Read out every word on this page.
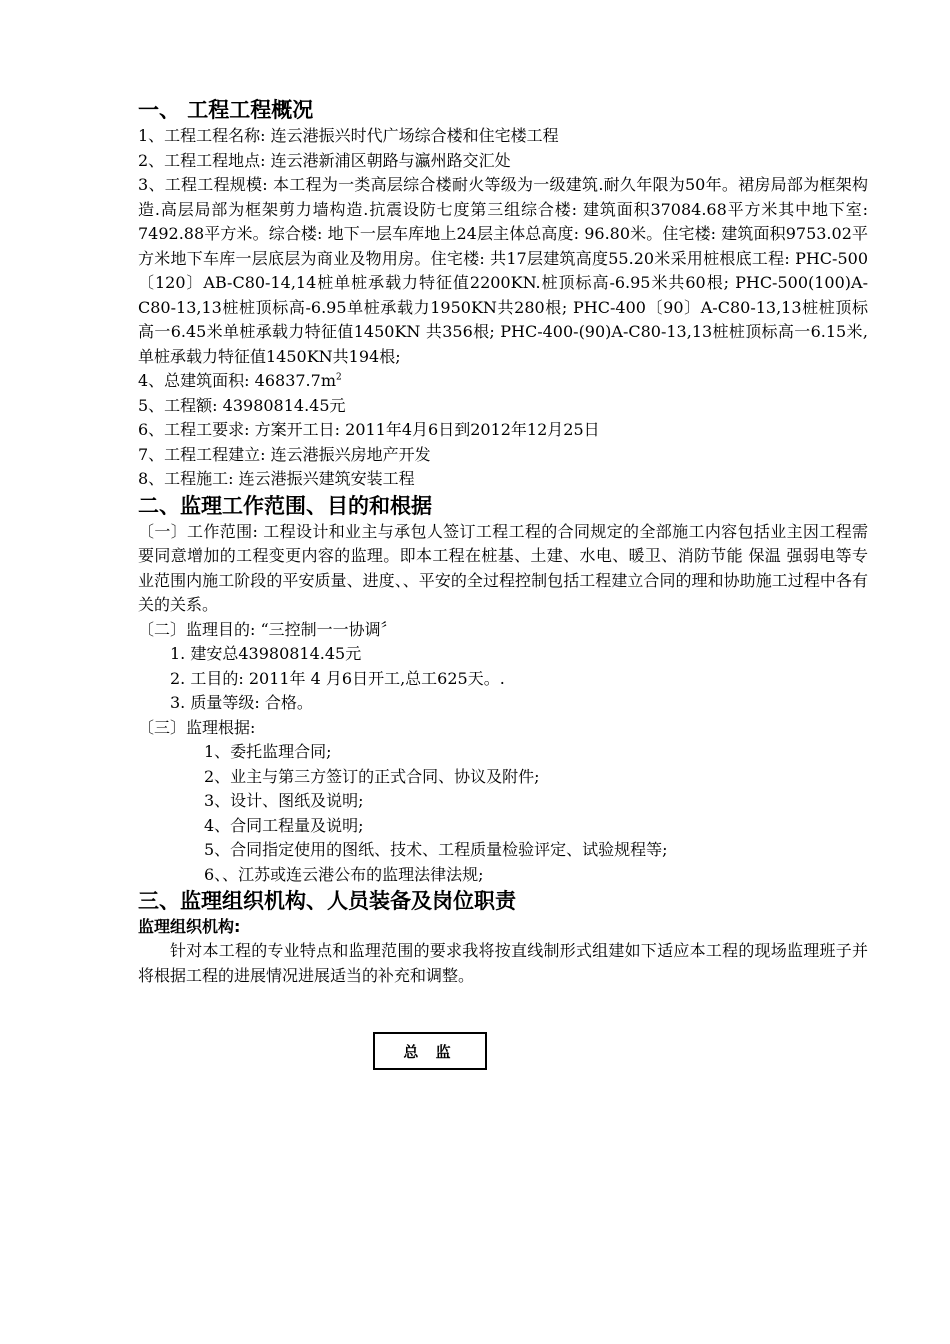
一、 工程工程概况

1、工程工程名称: 连云港振兴时代广场综合楼和住宅楼工程

2、工程工程地点: 连云港新浦区朝路与瀛州路交汇处

3、工程工程规模: 本工程为一类高层综合楼耐火等级为一级建筑.耐久年限为50年。裙房局部为框架构造.高层局部为框架剪力墙构造.抗震设防七度第三组综合楼: 建筑面积37084.68平方米其中地下室: 7492.88平方米。综合楼: 地下一层车库地上24层主体总高度: 96.80米。住宅楼: 建筑面积9753.02平方米地下车库一层底层为商业及物用房。住宅楼: 共17层建筑高度55.20米采用桩根底工程: PHC-500〔120〕AB-C80-14,14桩单桩承载力特征值2200KN.桩顶标高-6.95米共60根; PHC-500(100)A-C80-13,13桩桩顶标高-6.95单桩承载力1950KN共280根; PHC-400〔90〕A-C80-13,13桩桩顶标高一6.45米单桩承载力特征值1450KN 共356根; PHC-400-(90)A-C80-13,13桩桩顶标高一6.15米,单桩承载力特征值1450KN共194根;

4、总建筑面积: $46837.7m^2$

5、工程额: 43980814.45元

6、工程工要求: 方案开工日: 2011年4月6日到2012年12月25日

7、工程工程建立: 连云港振兴房地产开发

8、工程施工: 连云港振兴建筑安装工程

二、监理工作范围、目的和根据

〔一〕工作范围: 工程设计和业主与承包人签订工程工程的合同规定的全部施工内容包括业主因工程需要同意增加的工程变更内容的监理。即本工程在桩基、土建、水电、暖卫、消防节能 保温 强弱电等专业范围内施工阶段的平安质量、进度、、平安的全过程控制包括工程建立合同的理和协助施工过程中各有关的关系。

〔二〕监理目的: “三控制一一协调〞

1. 建安总43980814.45元

2. 工目的: 2011年 4 月6日开工,总工625天。.

3. 质量等级: 合格。

〔三〕监理根据:

1、委托监理合同;

2、业主与第三方签订的正式合同、协议及附件;

3、设计、图纸及说明;

4、合同工程量及说明;

5、合同指定使用的图纸、技术、工程质量检验评定、试验规程等;

6、、江苏或连云港公布的监理法律法规;

三、监理组织机构、人员装备及岗位职责

监理组织机构:

针对本工程的专业特点和监理范围的要求我将按直线制形式组建如下适应本工程的现场监理班子并将根据工程的进展情况进展适当的补充和调整。

总 监
